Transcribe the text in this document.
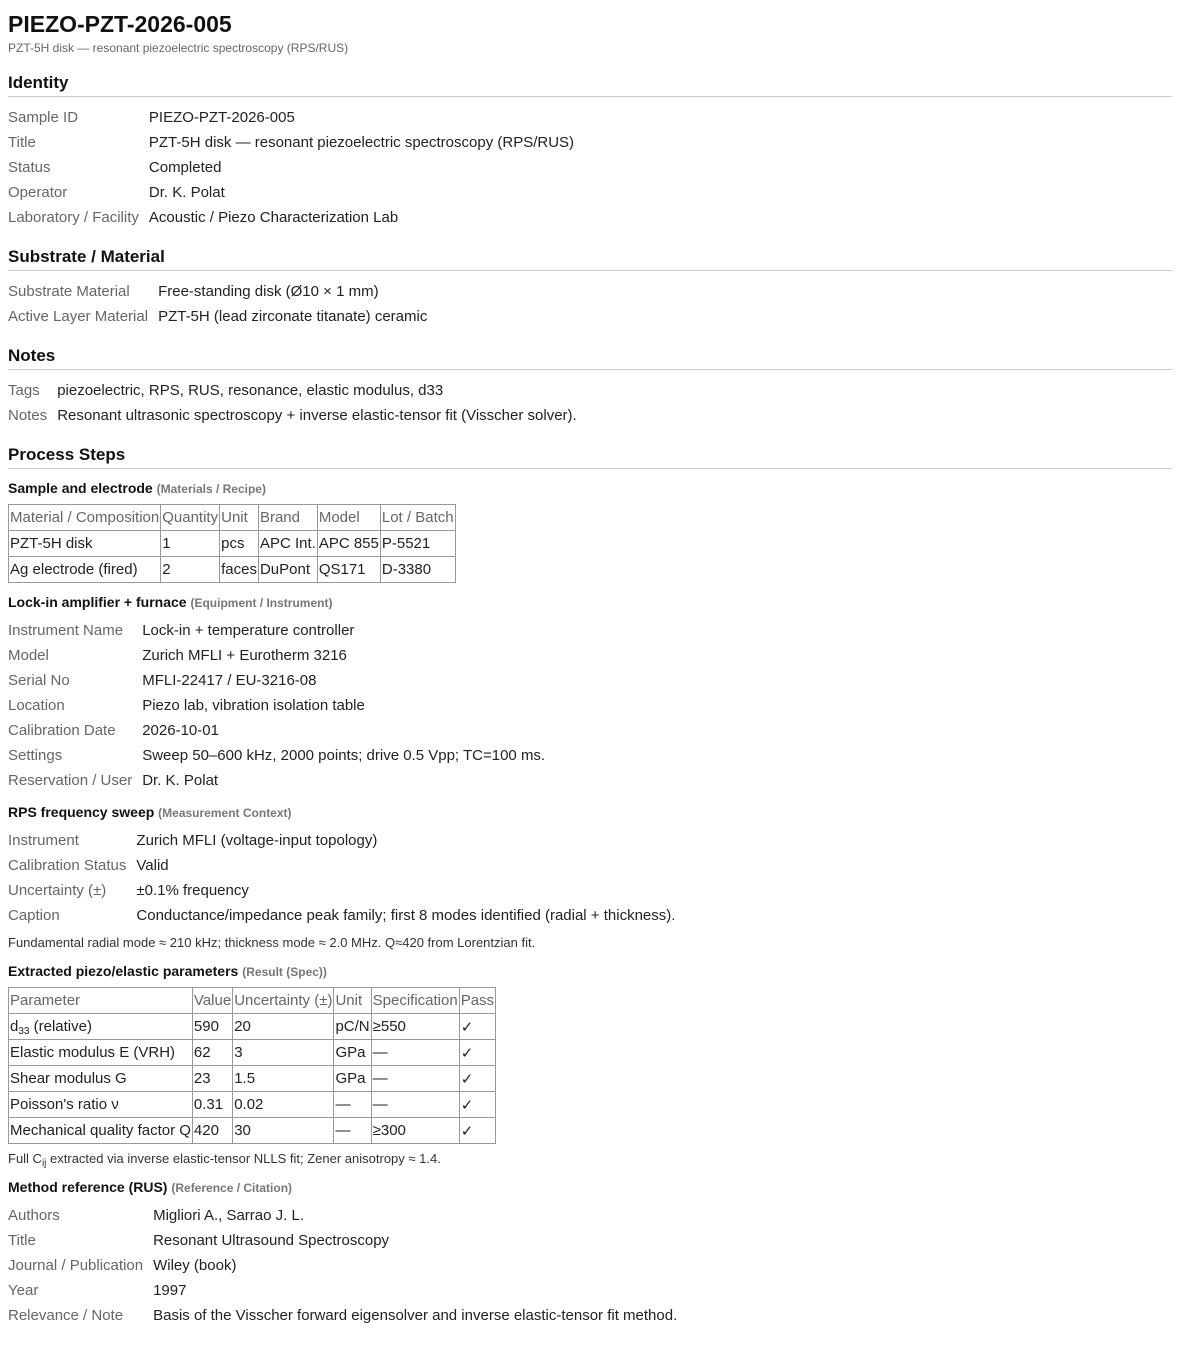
PIEZO-PZT-2026-005
PZT-5H disk — resonant piezoelectric spectroscopy (RPS/RUS)
Identity
Sample ID	PIEZO-PZT-2026-005
Title	PZT-5H disk — resonant piezoelectric spectroscopy (RPS/RUS)
Status	Completed
Operator	Dr. K. Polat
Laboratory / Facility	Acoustic / Piezo Characterization Lab
Substrate / Material
Substrate Material	Free-standing disk (Ø10 × 1 mm)
Active Layer Material	PZT-5H (lead zirconate titanate) ceramic
Notes
Tags	piezoelectric, RPS, RUS, resonance, elastic modulus, d33
Notes	Resonant ultrasonic spectroscopy + inverse elastic-tensor fit (Visscher solver).
Process Steps
Sample and electrode (Materials / Recipe)
Material / Composition	Quantity	Unit	Brand	Model	Lot / Batch
PZT-5H disk	1	pcs	APC Int.	APC 855	P-5521
Ag electrode (fired)	2	faces	DuPont	QS171	D-3380
Lock-in amplifier + furnace (Equipment / Instrument)
Instrument Name	Lock-in + temperature controller
Model	Zurich MFLI + Eurotherm 3216
Serial No	MFLI-22417 / EU-3216-08
Location	Piezo lab, vibration isolation table
Calibration Date	2026-10-01
Settings	Sweep 50–600 kHz, 2000 points; drive 0.5 Vpp; TC=100 ms.
Reservation / User	Dr. K. Polat
RPS frequency sweep (Measurement Context)
Instrument	Zurich MFLI (voltage-input topology)
Calibration Status	Valid
Uncertainty (±)	±0.1% frequency
Caption	Conductance/impedance peak family; first 8 modes identified (radial + thickness).
Fundamental radial mode ≈ 210 kHz; thickness mode ≈ 2.0 MHz. Q≈420 from Lorentzian fit.
Extracted piezo/elastic parameters (Result (Spec))
Parameter	Value	Uncertainty (±)	Unit	Specification	Pass
$d_{33}$ (relative)	590	20	pC/N	≥550	✓
Elastic modulus E (VRH)	62	3	GPa	—	✓
Shear modulus G	23	1.5	GPa	—	✓
Poisson's ratio ν	0.31	0.02	—	—	✓
Mechanical quality factor Q	420	30	—	≥300	✓
Full $C_{ij}$ extracted via inverse elastic-tensor NLLS fit; Zener anisotropy ≈ 1.4.
Method reference (RUS) (Reference / Citation)
Authors	Migliori A., Sarrao J. L.
Title	Resonant Ultrasound Spectroscopy
Journal / Publication	Wiley (book)
Year	1997
Relevance / Note	Basis of the Visscher forward eigensolver and inverse elastic-tensor fit method.
